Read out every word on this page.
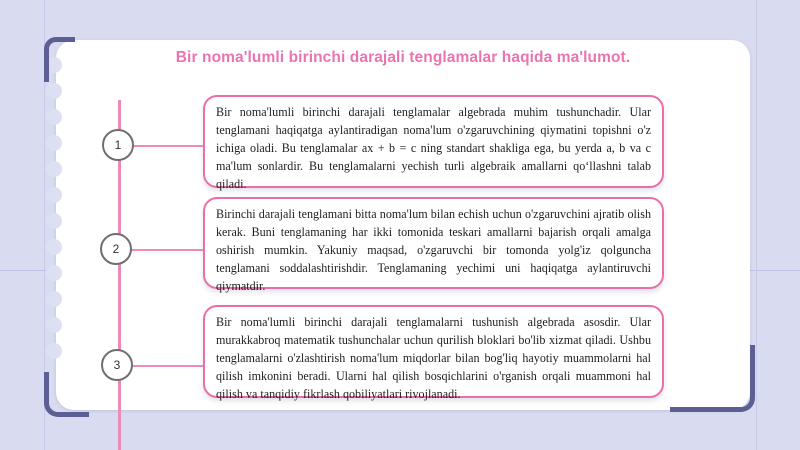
Bir noma'lumli birinchi darajali tenglamalar haqida ma'lumot.
1
Bir noma'lumli birinchi darajali tenglamalar algebrada muhim tushunchadir. Ular tenglamani haqiqatga aylantiradigan noma'lum o'zgaruvchining qiymatini topishni o'z ichiga oladi. Bu tenglamalar ax + b = c ning standart shakliga ega, bu yerda a, b va c ma'lum sonlardir. Bu tenglamalarni yechish turli algebraik amallarni qo‘llashni talab qiladi.
2
Birinchi darajali tenglamani bitta noma'lum bilan echish uchun o'zgaruvchini ajratib olish kerak. Buni tenglamaning har ikki tomonida teskari amallarni bajarish orqali amalga oshirish mumkin. Yakuniy maqsad, o'zgaruvchi bir tomonda yolg'iz qolguncha tenglamani soddalashtirishdir. Tenglamaning yechimi uni haqiqatga aylantiruvchi qiymatdir.
3
Bir noma'lumli birinchi darajali tenglamalarni tushunish algebrada asosdir. Ular murakkabroq matematik tushunchalar uchun qurilish bloklari bo'lib xizmat qiladi. Ushbu tenglamalarni o'zlashtirish noma'lum miqdorlar bilan bog'liq hayotiy muammolarni hal qilish imkonini beradi. Ularni hal qilish bosqichlarini o'rganish orqali muammoni hal qilish va tanqidiy fikrlash qobiliyatlari rivojlanadi.
